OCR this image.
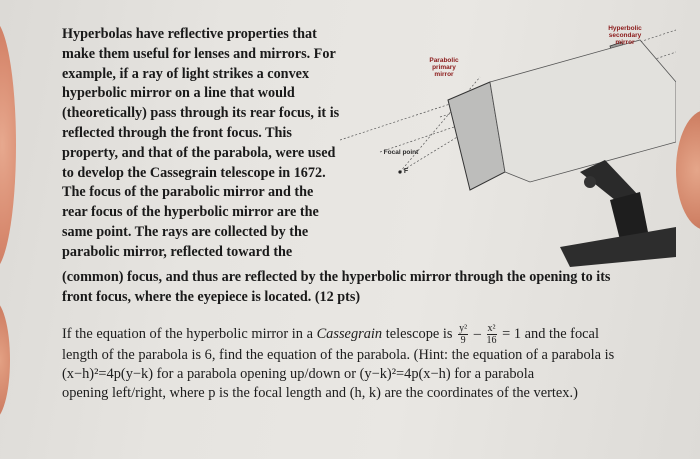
Hyperbolic
secondary
mirror
Parabolic
primary
mirror
Focal point
F
Hyperbolas have reflective properties that
make them useful for lenses and mirrors. For
example, if a ray of light strikes a convex
hyperbolic mirror on a line that would
(theoretically) pass through its rear focus, it is
reflected through the front focus. This
property, and that of the parabola, were used
to develop the Cassegrain telescope in 1672.
The focus of the parabolic mirror and the
rear focus of the hyperbolic mirror are the
same point. The rays are collected by the
parabolic mirror, reflected toward the
(common) focus, and thus are reflected by the hyperbolic mirror through the opening to its
front focus, where the eyepiece is located. (12 pts)
If the equation of the hyperbolic mirror in a Cassegrain telescope is $\frac{\text{y²}}{9} - \frac{\text{x²}}{16} = 1$ and the focal
length of the parabola is 6, find the equation of the parabola. (Hint: the equation of a parabola is
(x−h)²=4p(y−k) for a parabola opening up/down or (y−k)²=4p(x−h) for a parabola
opening left/right, where p is the focal length and (h, k) are the coordinates of the vertex.)
